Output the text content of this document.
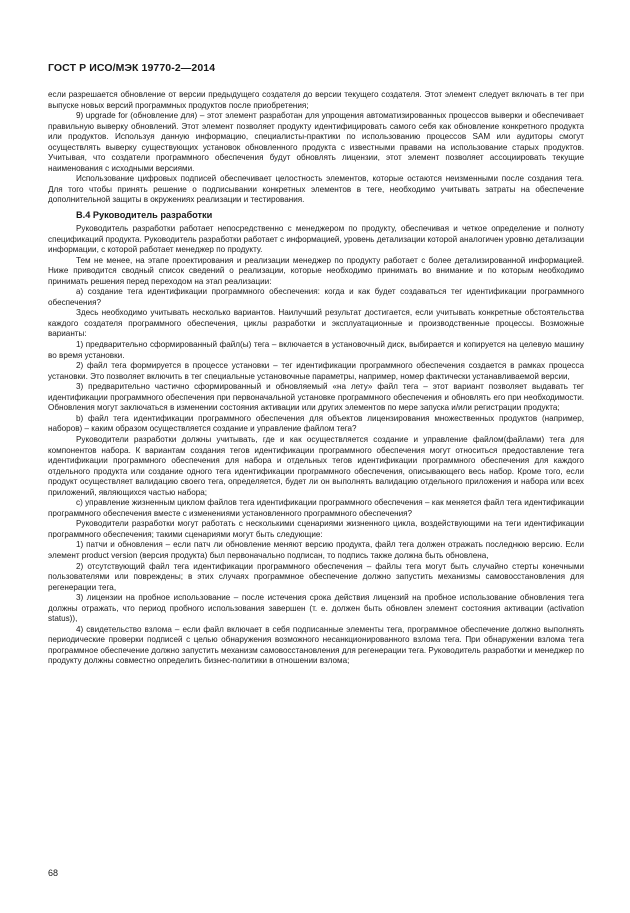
ГОСТ Р ИСО/МЭК 19770-2—2014

если разрешается обновление от версии предыдущего создателя до версии текущего создателя. Этот элемент следует включать в тег при выпуске новых версий программных продуктов после приобретения;

9) upgrade for (обновление для) – этот элемент разработан для упрощения автоматизированных процессов выверки и обеспечивает правильную выверку обновлений. Этот элемент позволяет продукту идентифицировать самого себя как обновление конкретного продукта или продуктов. Используя данную информацию, специалисты-практики по использованию процессов SAM или аудиторы смогут осуществлять выверку существующих установок обновленного продукта с известными правами на использование старых продуктов. Учитывая, что создатели программного обеспечения будут обновлять лицензии, этот элемент позволяет ассоциировать текущие наименования с исходными версиями.

Использование цифровых подписей обеспечивает целостность элементов, которые остаются неизменными после создания тега. Для того чтобы принять решение о подписывании конкретных элементов в теге, необходимо учитывать затраты на обеспечение дополнительной защиты в окружениях реализации и тестирования.

B.4 Руководитель разработки

Руководитель разработки работает непосредственно с менеджером по продукту, обеспечивая и четкое определение и полноту спецификаций продукта. Руководитель разработки работает с информацией, уровень детализации которой аналогичен уровню детализации информации, с которой работает менеджер по продукту.

Тем не менее, на этапе проектирования и реализации менеджер по продукту работает с более детализированной информацией. Ниже приводится сводный список сведений о реализации, которые необходимо принимать во внимание и по которым необходимо принимать решения перед переходом на этап реализации:

а) создание тега идентификации программного обеспечения: когда и как будет создаваться тег идентификации программного обеспечения?

Здесь необходимо учитывать несколько вариантов. Наилучший результат достигается, если учитывать конкретные обстоятельства каждого создателя программного обеспечения, циклы разработки и эксплуатационные и производственные процессы. Возможные варианты:

1) предварительно сформированный файл(ы) тега – включается в установочный диск, выбирается и копируется на целевую машину во время установки.

2) файл тега формируется в процессе установки – тег идентификации программного обеспечения создается в рамках процесса установки. Это позволяет включить в тег специальные установочные параметры, например, номер фактически устанавливаемой версии,

3) предварительно частично сформированный и обновляемый «на лету» файл тега – этот вариант позволяет выдавать тег идентификации программного обеспечения при первоначальной установке программного обеспечения и обновлять его при необходимости. Обновления могут заключаться в изменении состояния активации или других элементов по мере запуска и/или регистрации продукта;

b) файл тега идентификации программного обеспечения для объектов лицензирования множественных продуктов (например, наборов) – каким образом осуществляется создание и управление файлом тега?

Руководители разработки должны учитывать, где и как осуществляется создание и управление файлом(файлами) тега для компонентов набора. К вариантам создания тегов идентификации программного обеспечения могут относиться предоставление тега идентификации программного обеспечения для набора и отдельных тегов идентификации программного обеспечения для каждого отдельного продукта или создание одного тега идентификации программного обеспечения, описывающего весь набор. Кроме того, если продукт осуществляет валидацию своего тега, определяется, будет ли он выполнять валидацию отдельного приложения и набора или всех приложений, являющихся частью набора;

c) управление жизненным циклом файлов тега идентификации программного обеспечения – как меняется файл тега идентификации программного обеспечения вместе с изменениями установленного программного обеспечения?

Руководители разработки могут работать с несколькими сценариями жизненного цикла, воздействующими на теги идентификации программного обеспечения; такими сценариями могут быть следующие:

1) патчи и обновления – если патч ли обновление меняют версию продукта, файл тега должен отражать последнюю версию. Если элемент product version (версия продукта) был первоначально подписан, то подпись также должна быть обновлена,

2) отсутствующий файл тега идентификации программного обеспечения – файлы тега могут быть случайно стерты конечными пользователями или повреждены; в этих случаях программное обеспечение должно запустить механизмы самовосстановления для регенерации тега,

3) лицензии на пробное использование – после истечения срока действия лицензий на пробное использование обновления тега должны отражать, что период пробного использования завершен (т. е. должен быть обновлен элемент состояния активации (activation status)),

4) свидетельство взлома – если файл включает в себя подписанные элементы тега, программное обеспечение должно выполнять периодические проверки подписей с целью обнаружения возможного несанкционированного взлома тега. При обнаружении взлома тега программное обеспечение должно запустить механизм самовосстановления для регенерации тега. Руководитель разработки и менеджер по продукту должны совместно определить бизнес-политики в отношении взлома;

68
